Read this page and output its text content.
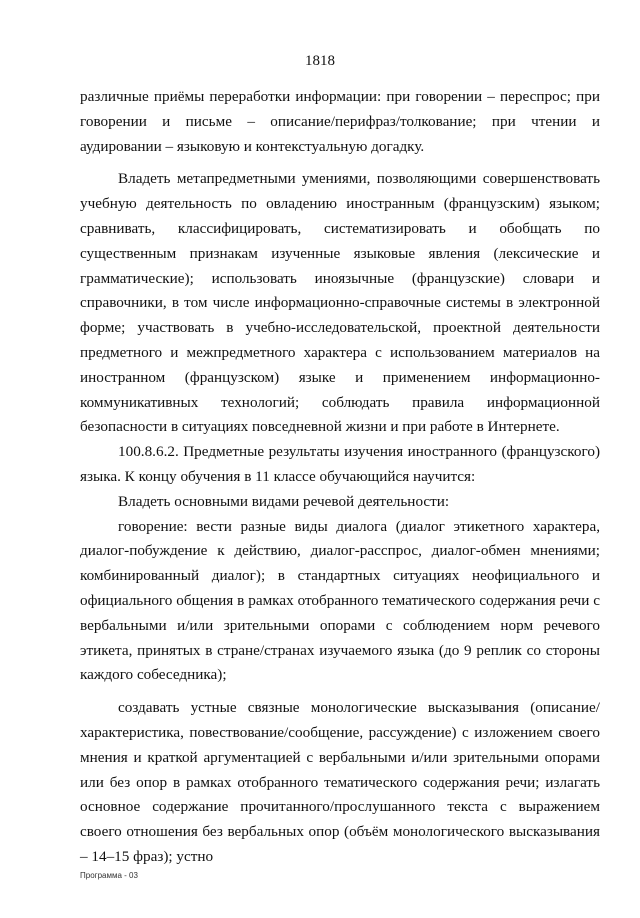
1818

различные приёмы переработки информации: при говорении – переспрос; при говорении и письме – описание/перифраз/толкование; при чтении и аудировании – языковую и контекстуальную догадку.

Владеть метапредметными умениями, позволяющими совершенствовать учебную деятельность по овладению иностранным (французским) языком; сравнивать, классифицировать, систематизировать и обобщать по существенным признакам изученные языковые явления (лексические и грамматические); использовать иноязычные (французские) словари и справочники, в том числе информационно-справочные системы в электронной форме; участвовать в учебно-исследовательской, проектной деятельности предметного и межпредметного характера с использованием материалов на иностранном (французском) языке и применением информационно-коммуникативных технологий; соблюдать правила информационной безопасности в ситуациях повседневной жизни и при работе в Интернете.

100.8.6.2. Предметные результаты изучения иностранного (французского) языка. К концу обучения в 11 классе обучающийся научится:

Владеть основными видами речевой деятельности:

говорение: вести разные виды диалога (диалог этикетного характера, диалог-побуждение к действию, диалог-расспрос, диалог-обмен мнениями; комбинированный диалог); в стандартных ситуациях неофициального и официального общения в рамках отобранного тематического содержания речи с вербальными и/или зрительными опорами с соблюдением норм речевого этикета, принятых в стране/странах изучаемого языка (до 9 реплик со стороны каждого собеседника);

создавать устные связные монологические высказывания (описание/характеристика, повествование/сообщение, рассуждение) с изложением своего мнения и краткой аргументацией с вербальными и/или зрительными опорами или без опор в рамках отобранного тематического содержания речи; излагать основное содержание прочитанного/прослушанного текста с выражением своего отношения без вербальных опор (объём монологического высказывания – 14–15 фраз); устно

Программа - 03
